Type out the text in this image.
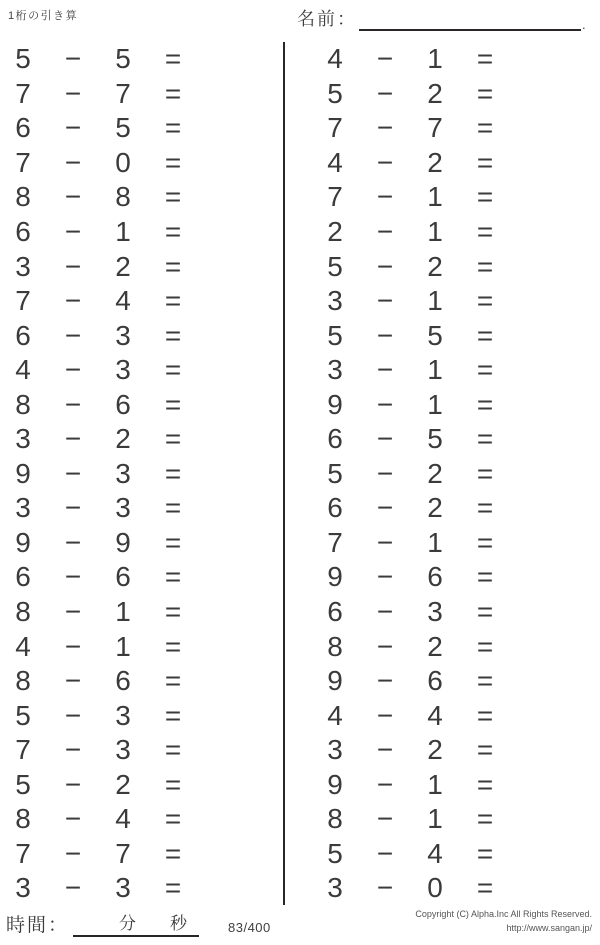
1桁の引き算	名前：	.
5 − 5 =
7 − 7 =
6 − 5 =
7 − 0 =
8 − 8 =
6 − 1 =
3 − 2 =
7 − 4 =
6 − 3 =
4 − 3 =
8 − 6 =
3 − 2 =
9 − 3 =
3 − 3 =
9 − 9 =
6 − 6 =
8 − 1 =
4 − 1 =
8 − 6 =
5 − 3 =
7 − 3 =
5 − 2 =
8 − 4 =
7 − 7 =
3 − 3 =
4 − 1 =
5 − 2 =
7 − 7 =
4 − 2 =
7 − 1 =
2 − 1 =
5 − 2 =
3 − 1 =
5 − 5 =
3 − 1 =
9 − 1 =
6 − 5 =
5 − 2 =
6 − 2 =
7 − 1 =
9 − 6 =
6 − 3 =
8 − 2 =
9 − 6 =
4 − 4 =
3 − 2 =
9 − 1 =
8 − 1 =
5 − 4 =
3 − 0 =
時間：	分 秒	83/400
Copyright (C) Alpha.Inc All Rights Reserved.
http://www.sangan.jp/
